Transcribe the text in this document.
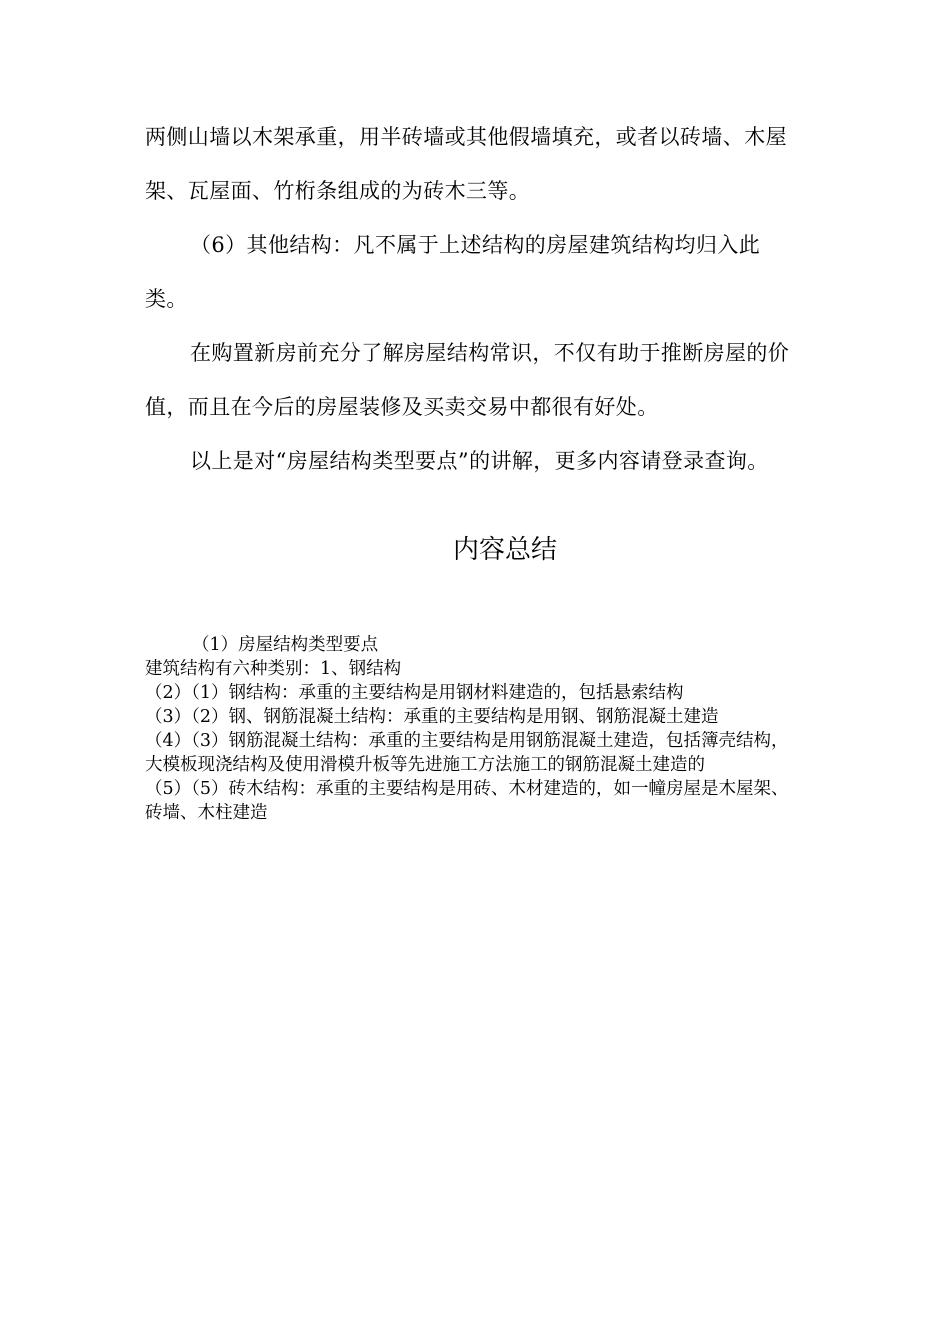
两侧山墙以木架承重，用半砖墙或其他假墙填充，或者以砖墙、木屋架、瓦屋面、竹桁条组成的为砖木三等。

（6）其他结构：凡不属于上述结构的房屋建筑结构均归入此类。

在购置新房前充分了解房屋结构常识，不仅有助于推断房屋的价值，而且在今后的房屋装修及买卖交易中都很有好处。

以上是对“房屋结构类型要点”的讲解，更多内容请登录查询。

内容总结

（1）房屋结构类型要点

建筑结构有六种类别：1、钢结构

（2）（1）钢结构：承重的主要结构是用钢材料建造的，包括悬索结构

（3）（2）钢、钢筋混凝土结构：承重的主要结构是用钢、钢筋混凝土建造

（4）（3）钢筋混凝土结构：承重的主要结构是用钢筋混凝土建造，包括簿壳结构，大模板现浇结构及使用滑模升板等先进施工方法施工的钢筋混凝土建造的

（5）（5）砖木结构：承重的主要结构是用砖、木材建造的，如一幢房屋是木屋架、砖墙、木柱建造
